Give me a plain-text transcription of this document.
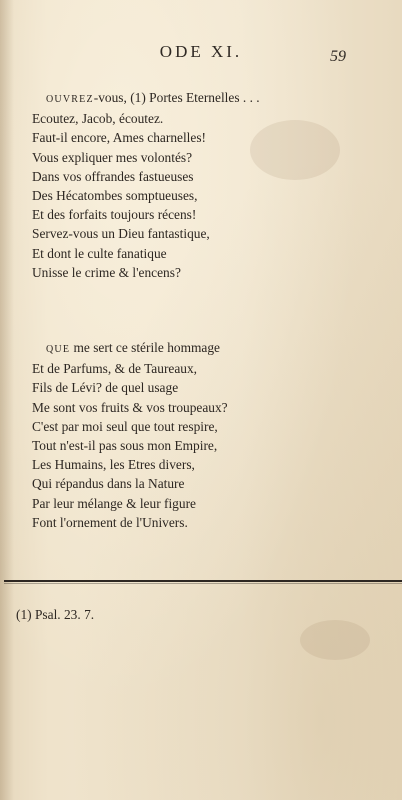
ODE XI.	59
OUVREZ-vous, (1) Portes Eternelles . . .
Ecoutez, Jacob, écoutez.
Faut-il encore, Ames charnelles!
Vous expliquer mes volontés?
Dans vos offrandes fastueuses
Des Hécatombes somptueuses,
Et des forfaits toujours récens!
Servez-vous un Dieu fantastique,
Et dont le culte fanatique
Unisse le crime & l'encens?
QUE me sert ce stérile hommage
Et de Parfums, & de Taureaux,
Fils de Lévi? de quel usage
Me sont vos fruits & vos troupeaux?
C'est par moi seul que tout respire,
Tout n'est-il pas sous mon Empire,
Les Humains, les Etres divers,
Qui répandus dans la Nature
Par leur mélange & leur figure
Font l'ornement de l'Univers.
(1) Psal. 23. 7.
